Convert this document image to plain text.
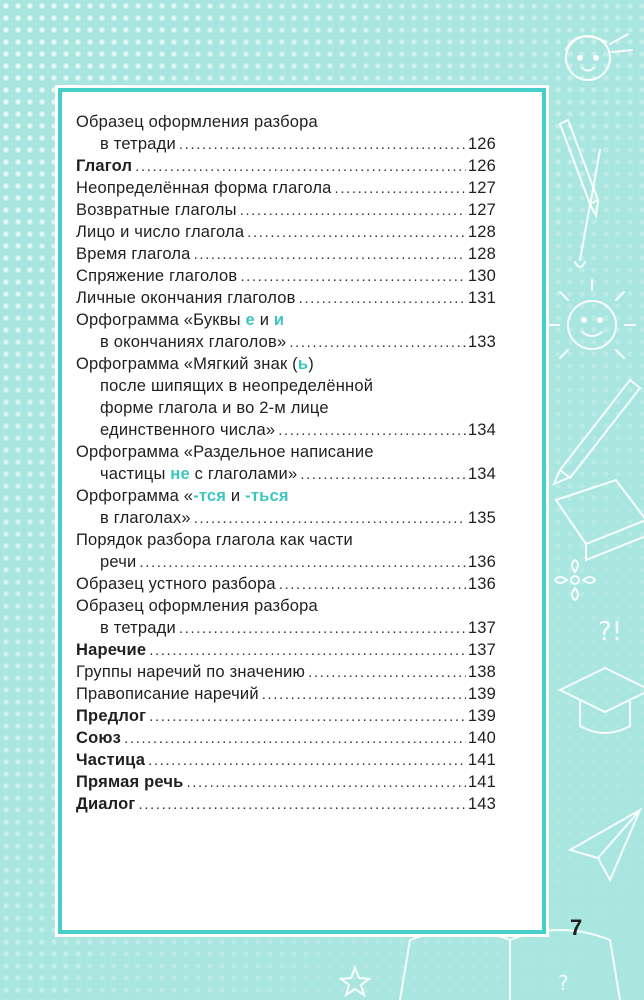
?!
?
Образец оформления разбора
в тетради .....	126
Глагол .....	126
Неопределённая форма глагола .....	127
Возвратные глаголы .....	127
Лицо и число глагола .....	128
Время глагола .....	128
Спряжение глаголов .....	130
Личные окончания глаголов .....	131
Орфограмма «Буквы е и и
в окончаниях глаголов» .....	133
Орфограмма «Мягкий знак (ь)
после шипящих в неопределённой
форме глагола и во 2-м лице
единственного числа» .....	134
Орфограмма «Раздельное написание
частицы не с глаголами» .....	134
Орфограмма «-тся и -ться
в глаголах» .....	135
Порядок разбора глагола как части
речи .....	136
Образец устного разбора .....	136
Образец оформления разбора
в тетради .....	137
Наречие .....	137
Группы наречий по значению .....	138
Правописание наречий .....	139
Предлог .....	139
Союз .....	140
Частица .....	141
Прямая речь .....	141
Диалог .....	143
7
